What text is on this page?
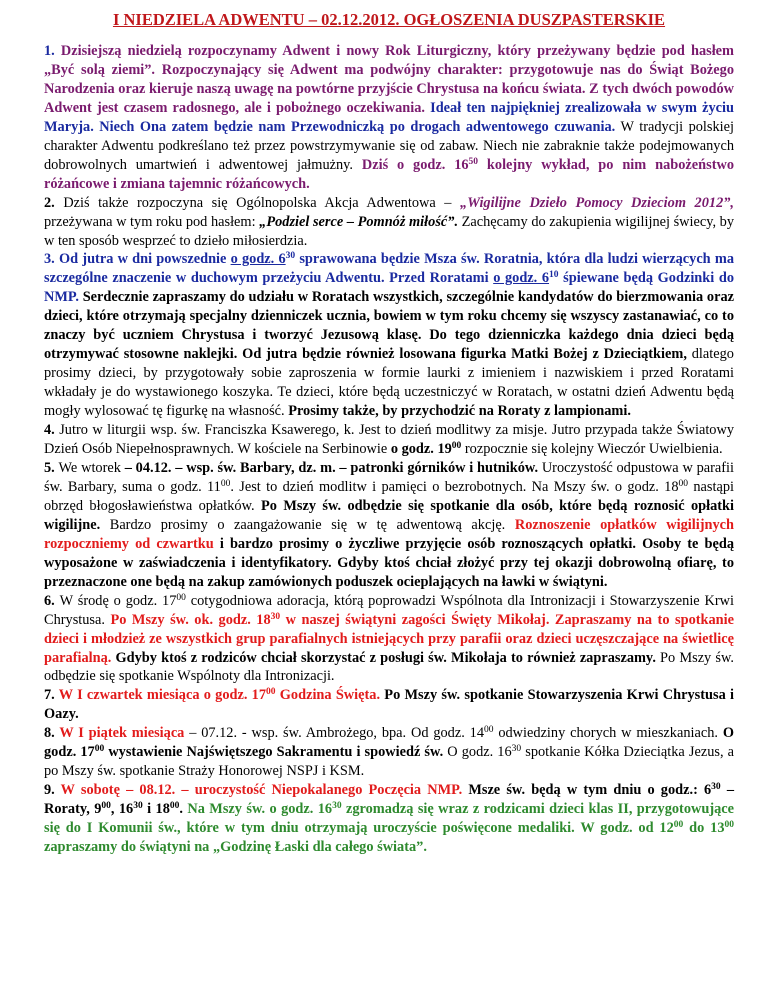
I NIEDZIELA ADWENTU – 02.12.2012. OGŁOSZENIA DUSZPASTERSKIE

1. Dzisiejszą niedzielą rozpoczynamy Adwent i nowy Rok Liturgiczny, który przeżywany będzie pod hasłem „Być solą ziemi”. Rozpoczynający się Adwent ma podwójny charakter: przygotowuje nas do Świąt Bożego Narodzenia oraz kieruje naszą uwagę na powtórne przyjście Chrystusa na końcu świata. Z tych dwóch powodów Adwent jest czasem radosnego, ale i pobożnego oczekiwania. Ideał ten najpiękniej zrealizowała w swym życiu Maryja. Niech Ona zatem będzie nam Przewodniczką po drogach adwentowego czuwania. W tradycji polskiej charakter Adwentu podkreślano też przez powstrzymywanie się od zabaw. Niech nie zabraknie także podejmowanych dobrowolnych umartwień i adwentowej jałmużny. Dziś o godz. $16^{50}$ kolejny wykład, po nim nabożeństwo różańcowe i zmiana tajemnic różańcowych.

2. Dziś także rozpoczyna się Ogólnopolska Akcja Adwentowa – „Wigilijne Dzieło Pomocy Dzieciom 2012”, przeżywana w tym roku pod hasłem: „Podziel serce – Pomnóż miłość”. Zachęcamy do zakupienia wigilijnej świecy, by w ten sposób wesprzeć to dzieło miłosierdzia.

3. Od jutra w dni powszednie o godz. $6^{30}$ sprawowana będzie Msza św. Roratnia, która dla ludzi wierzących ma szczególne znaczenie w duchowym przeżyciu Adwentu. Przed Roratami o godz. $6^{10}$ śpiewane będą Godzinki do NMP. Serdecznie zapraszamy do udziału w Roratach wszystkich, szczególnie kandydatów do bierzmowania oraz dzieci, które otrzymają specjalny dzienniczek ucznia, bowiem w tym roku chcemy się wszyscy zastanawiać, co to znaczy być uczniem Chrystusa i tworzyć Jezusową klasę. Do tego dzienniczka każdego dnia dzieci będą otrzymywać stosowne naklejki. Od jutra będzie również losowana figurka Matki Bożej z Dzieciątkiem, dlatego prosimy dzieci, by przygotowały sobie zaproszenia w formie laurki z imieniem i nazwiskiem i przed Roratami wkładały je do wystawionego koszyka. Te dzieci, które będą uczestniczyć w Roratach, w ostatni dzień Adwentu będą mogły wylosować tę figurkę na własność. Prosimy także, by przychodzić na Roraty z lampionami.

4. Jutro w liturgii wsp. św. Franciszka Ksawerego, k. Jest to dzień modlitwy za misje. Jutro przypada także Światowy Dzień Osób Niepełnosprawnych. W kościele na Serbinowie o godz. $19^{00}$ rozpocznie się kolejny Wieczór Uwielbienia.

5. We wtorek – 04.12. – wsp. św. Barbary, dz. m. – patronki górników i hutników. Uroczystość odpustowa w parafii św. Barbary, suma o godz. $11^{00}$. Jest to dzień modlitw i pamięci o bezrobotnych. Na Mszy św. o godz. $18^{00}$ nastąpi obrzęd błogosławieństwa opłatków. Po Mszy św. odbędzie się spotkanie dla osób, które będą roznosić opłatki wigilijne. Bardzo prosimy o zaangażowanie się w tę adwentową akcję. Roznoszenie opłatków wigilijnych rozpoczniemy od czwartku i bardzo prosimy o życzliwe przyjęcie osób roznoszących opłatki. Osoby te będą wyposażone w zaświadczenia i identyfikatory. Gdyby ktoś chciał złożyć przy tej okazji dobrowolną ofiarę, to przeznaczone one będą na zakup zamówionych poduszek ocieplających na ławki w świątyni.

6. W środę o godz. $17^{00}$ cotygodniowa adoracja, którą poprowadzi Wspólnota dla Intronizacji i Stowarzyszenie Krwi Chrystusa. Po Mszy św. ok. godz. $18^{30}$ w naszej świątyni zagości Święty Mikołaj. Zapraszamy na to spotkanie dzieci i młodzież ze wszystkich grup parafialnych istniejących przy parafii oraz dzieci uczęszczające na świetlicę parafialną. Gdyby ktoś z rodziców chciał skorzystać z posługi św. Mikołaja to również zapraszamy. Po Mszy św. odbędzie się spotkanie Wspólnoty dla Intronizacji.

7. W I czwartek miesiąca o godz. $17^{00}$ Godzina Święta. Po Mszy św. spotkanie Stowarzyszenia Krwi Chrystusa i Oazy.

8. W I piątek miesiąca – 07.12. - wsp. św. Ambrożego, bpa. Od godz. $14^{00}$ odwiedziny chorych w mieszkaniach. O godz. $17^{00}$ wystawienie Najświętszego Sakramentu i spowiedź św. O godz. $16^{30}$ spotkanie Kółka Dzieciątka Jezus, a po Mszy św. spotkanie Straży Honorowej NSPJ i KSM.

9. W sobotę – 08.12. – uroczystość Niepokalanego Poczęcia NMP. Msze św. będą w tym dniu o godz.: $6^{30}$ – Roraty, $9^{00}$, $16^{30}$ i $18^{00}$. Na Mszy św. o godz. $16^{30}$ zgromadzą się wraz z rodzicami dzieci klas II, przygotowujące się do I Komunii św., które w tym dniu otrzymają uroczyście poświęcone medaliki. W godz. od $12^{00}$ do $13^{00}$ zapraszamy do świątyni na „Godzinę Łaski dla całego świata”.
